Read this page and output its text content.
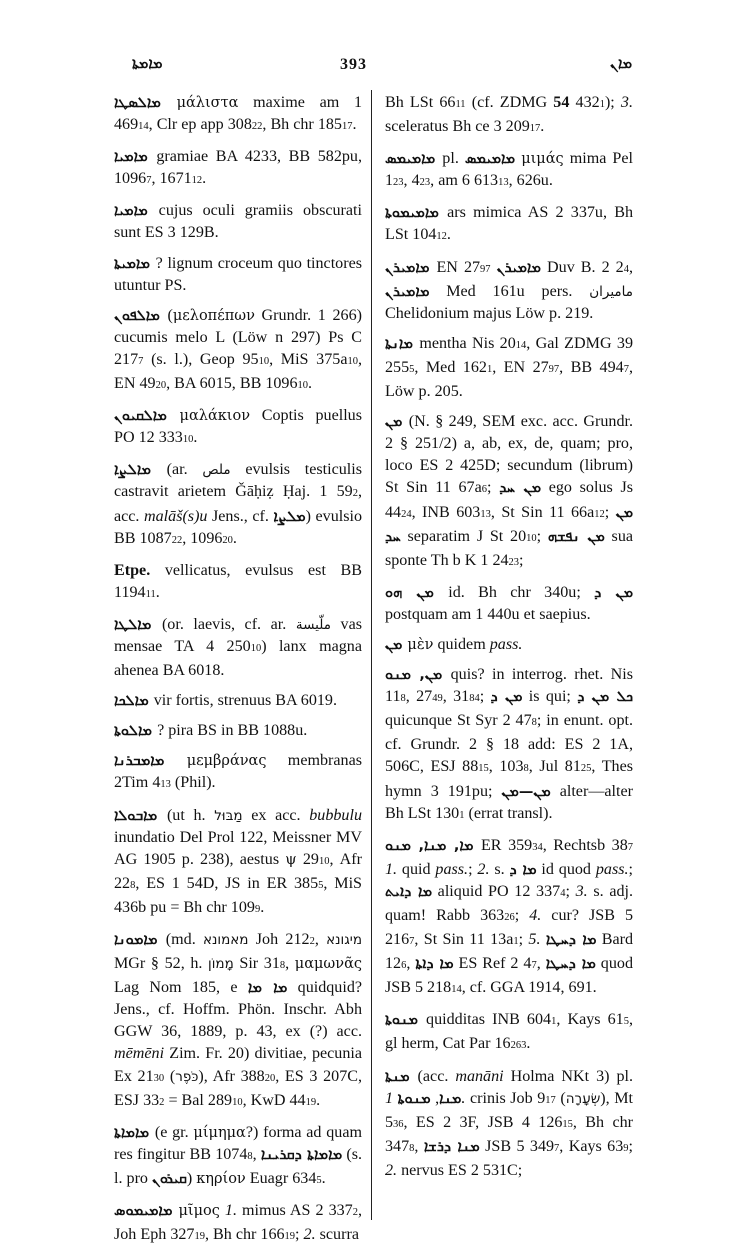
ܡܐܡܬܐ	393	ܡܐܢ
ܡܐܠܣܛܐ μάλιστα maxime am 1 46914, Clr ep app 30822, Bh chr 18517.
ܡܐܡܝܐ gramiae BA 4233, BB 582pu, 10967, 167112.
ܡܐܡܝܐ cujus oculi gramiis obscurati sunt ES 3 129B.
ܡܐܡܝܬܐ ? lignum croceum quo tinctores utuntur PS.
ܡܐܠܦܘܢ (μελοπέπων Grundr. 1 266) cucumis melo L (Löw n 297) Ps C 2177 (s. l.), Geop 9510, MiS 375a10, EN 4920, BA 6015, BB 109610.
ܡܐܠܩܝܘܢ μαλάκιον Coptis puellus PO 12 33310.
ܡܐܠܨܐ (ar. ملص evulsis testiculis castravit arietem Ǧāḥiẓ Ḥaj. 1 592, acc. malāš(s)u Jens., cf. ܡܠܨܐ) evulsio BB 108722, 109620.
Etpe. vellicatus, evulsus est BB 119411.
ܡܐܠܛܐ (or. laevis, cf. ar. ملّيسة vas mensae TA 4 25010) lanx magna ahenea BA 6018.
ܡܐܠܟܐ vir fortis, strenuus BA 6019.
ܡܐܠܘܬܐ ? pira BS in BB 1088u.
ܡܐܡܒܪܢܐ μεμβράνας membranas 2Tim 413 (Phil).
ܡܐܒܘܠܐ (ut h. מַבּוּל ex acc. bubbulu inundatio Del Prol 122, Meissner MV AG 1905 p. 238), aestus ψ 2910, Afr 228, ES 1 54D, JS in ER 3855, MiS 436b pu = Bh chr 1099.
ܡܐܡܘܢܐ (md. מאמונא Joh 2122, מיגונא MGr § 52, h. מָמוֹן Sir 318, μαμωνᾶς Lag Nom 185, e ܡܐ ܡܐ quidquid? Jens., cf. Hoffm. Phön. Inschr. Abh GGW 36, 1889, p. 43, ex (?) acc. mēmēni Zim. Fr. 20) divitiae, pecunia Ex 2130 (כֹּפֶר), Afr 38820, ES 3 207C, ESJ 332 = Bal 28910, KwD 4419.
ܡܐܡܐܬܐ (e gr. μίμημα?) forma ad quam res fingitur BB 10748, ܡܐܡܐܬܐ ܕܩܪܝܢܐ (s. l. pro ܩܝܪܘܢ) κηρίον Euagr 6345.
ܡܐܡܝܡܘܣ μῖμος 1. mimus AS 2 3372, Joh Eph 32719, Bh chr 16619; 2. scurra
Bh LSt 6611 (cf. ZDMG 54 4321); 3. sceleratus Bh ce 3 20917.
ܡܐܡܝܡܣ pl. ܡܐܡܝܡܣ μιμάς mima Pel 123, 423, am 6 61313, 626u.
ܡܐܡܝܡܘܬܐ ars mimica AS 2 337u, Bh LSt 10412.
ܡܐܡܝܪܢ EN 2797 ܡܐܡܝܪܢ Duv B. 2 24, ܡܐܡܝܪܢ Med 161u pers. مامیران Chelidonium majus Löw p. 219.
ܡܐܢܬܐ mentha Nis 2014, Gal ZDMG 39 2555, Med 1621, EN 2797, BB 4947, Löw p. 205.
ܡܢ (N. § 249, SEM exc. acc. Grundr. 2 § 251/2) a, ab, ex, de, quam; pro, loco ES 2 425D; secundum (librum) St Sin 11 67a6; ܡܢ ܚܕ ego solus Js 4424, INB 60313, St Sin 11 66a12; ܡܢ ܚܕ separatim J St 2010; ܡܢ ܢܦܫܗ sua sponte Th b K 1 2423;
ܡܢ ܗܘ id. Bh chr 340u; ܡܢ ܕ postquam am 1 440u et saepius.
ܡܢ μὲν quidem pass.
ܡܢ, ܡܢܘ quis? in interrog. rhet. Nis 118, 2749, 3184; ܡܢ ܕ is qui; ܟܠ ܡܢ ܕ quicunque St Syr 2 478; in enunt. opt. cf. Grundr. 2 § 18 add: ES 2 1A, 506C, ESJ 8815, 1038, Jul 8125, Thes hymn 3 191pu; ܡܢ—ܡܢ alter—alter Bh LSt 1301 (errat transl).
ܡܐ, ܡܢܐ, ܡܢܘ ER 35934, Rechtsb 387 1. quid pass.; 2. s. ܡܐ ܕ id quod pass.; ܡܐ ܕܐܝܬ aliquid PO 12 3374; 3. s. adj. quam! Rabb 36326; 4. cur? JSB 5 2167, St Sin 11 13a1; 5. ܡܐ ܕܚܛܐ Bard 126, ܡܐ ܕܐܬܐ ES Ref 2 47, ܡܐ ܕܚܛܐ quod JSB 5 21814, cf. GGA 1914, 691.
ܡܢܘܬܐ quidditas INB 6041, Kays 615, gl herm, Cat Par 16263.
ܡܢܬܐ (acc. manāni Holma NKt 3) pl. ܡܢܐ, ܡܢܘܬܐ 1. crinis Job 917 (שְׂעָרָה), Mt 536, ES 2 3F, JSB 4 12615, Bh chr 3478, ܡܢܐ ܕܪܫܐ JSB 5 3497, Kays 639; 2. nervus ES 2 531C;
